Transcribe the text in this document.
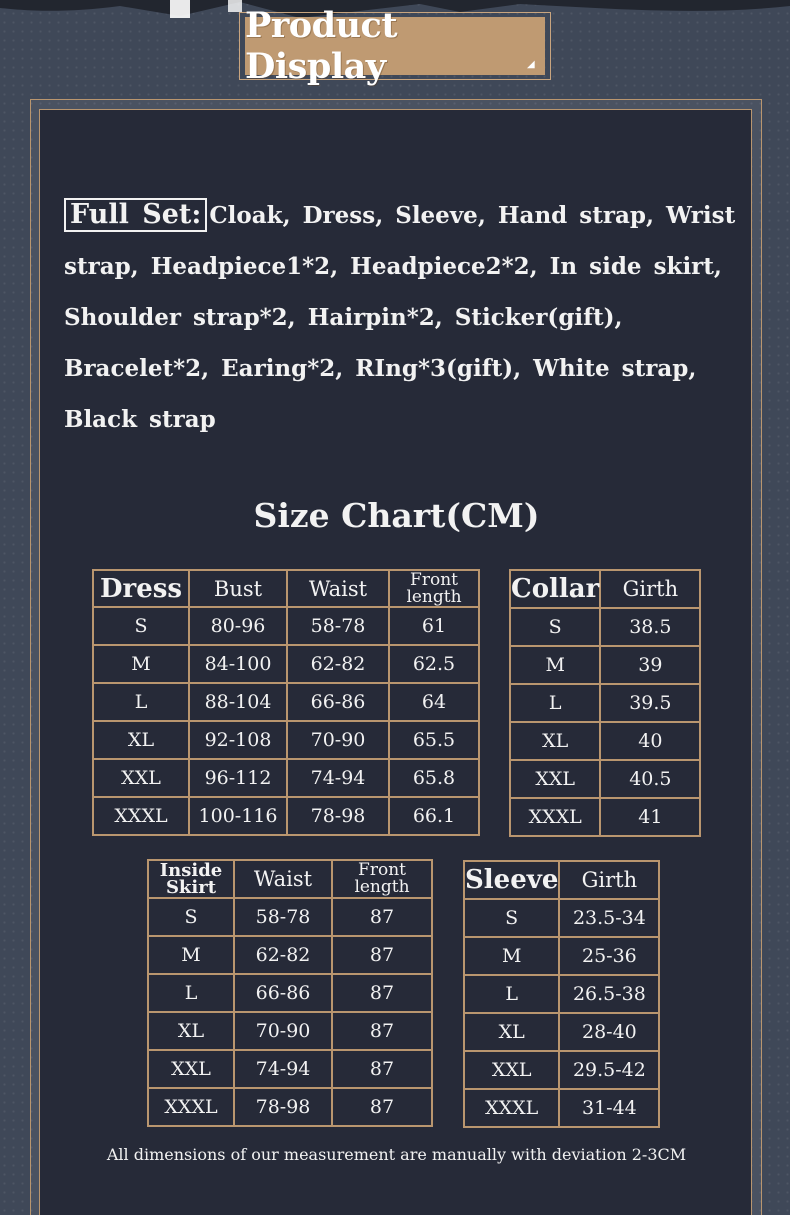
Product Display	◢
Full Set: Cloak, Dress, Sleeve, Hand strap, Wrist strap, Headpiece1*2, Headpiece2*2, In side skirt, Shoulder strap*2, Hairpin*2, Sticker(gift), Bracelet*2, Earing*2, RIng*3(gift), White strap, Black strap
Size Chart(CM)
Dress	Bust	Waist	Front length
S	80-96	58-78	61
M	84-100	62-82	62.5
L	88-104	66-86	64
XL	92-108	70-90	65.5
XXL	96-112	74-94	65.8
XXXL	100-116	78-98	66.1
Collar	Girth
S	38.5
M	39
L	39.5
XL	40
XXL	40.5
XXXL	41
Inside Skirt	Waist	Front length
S	58-78	87
M	62-82	87
L	66-86	87
XL	70-90	87
XXL	74-94	87
XXXL	78-98	87
Sleeve	Girth
S	23.5-34
M	25-36
L	26.5-38
XL	28-40
XXL	29.5-42
XXXL	31-44
All dimensions of our measurement are manually with deviation 2-3CM
